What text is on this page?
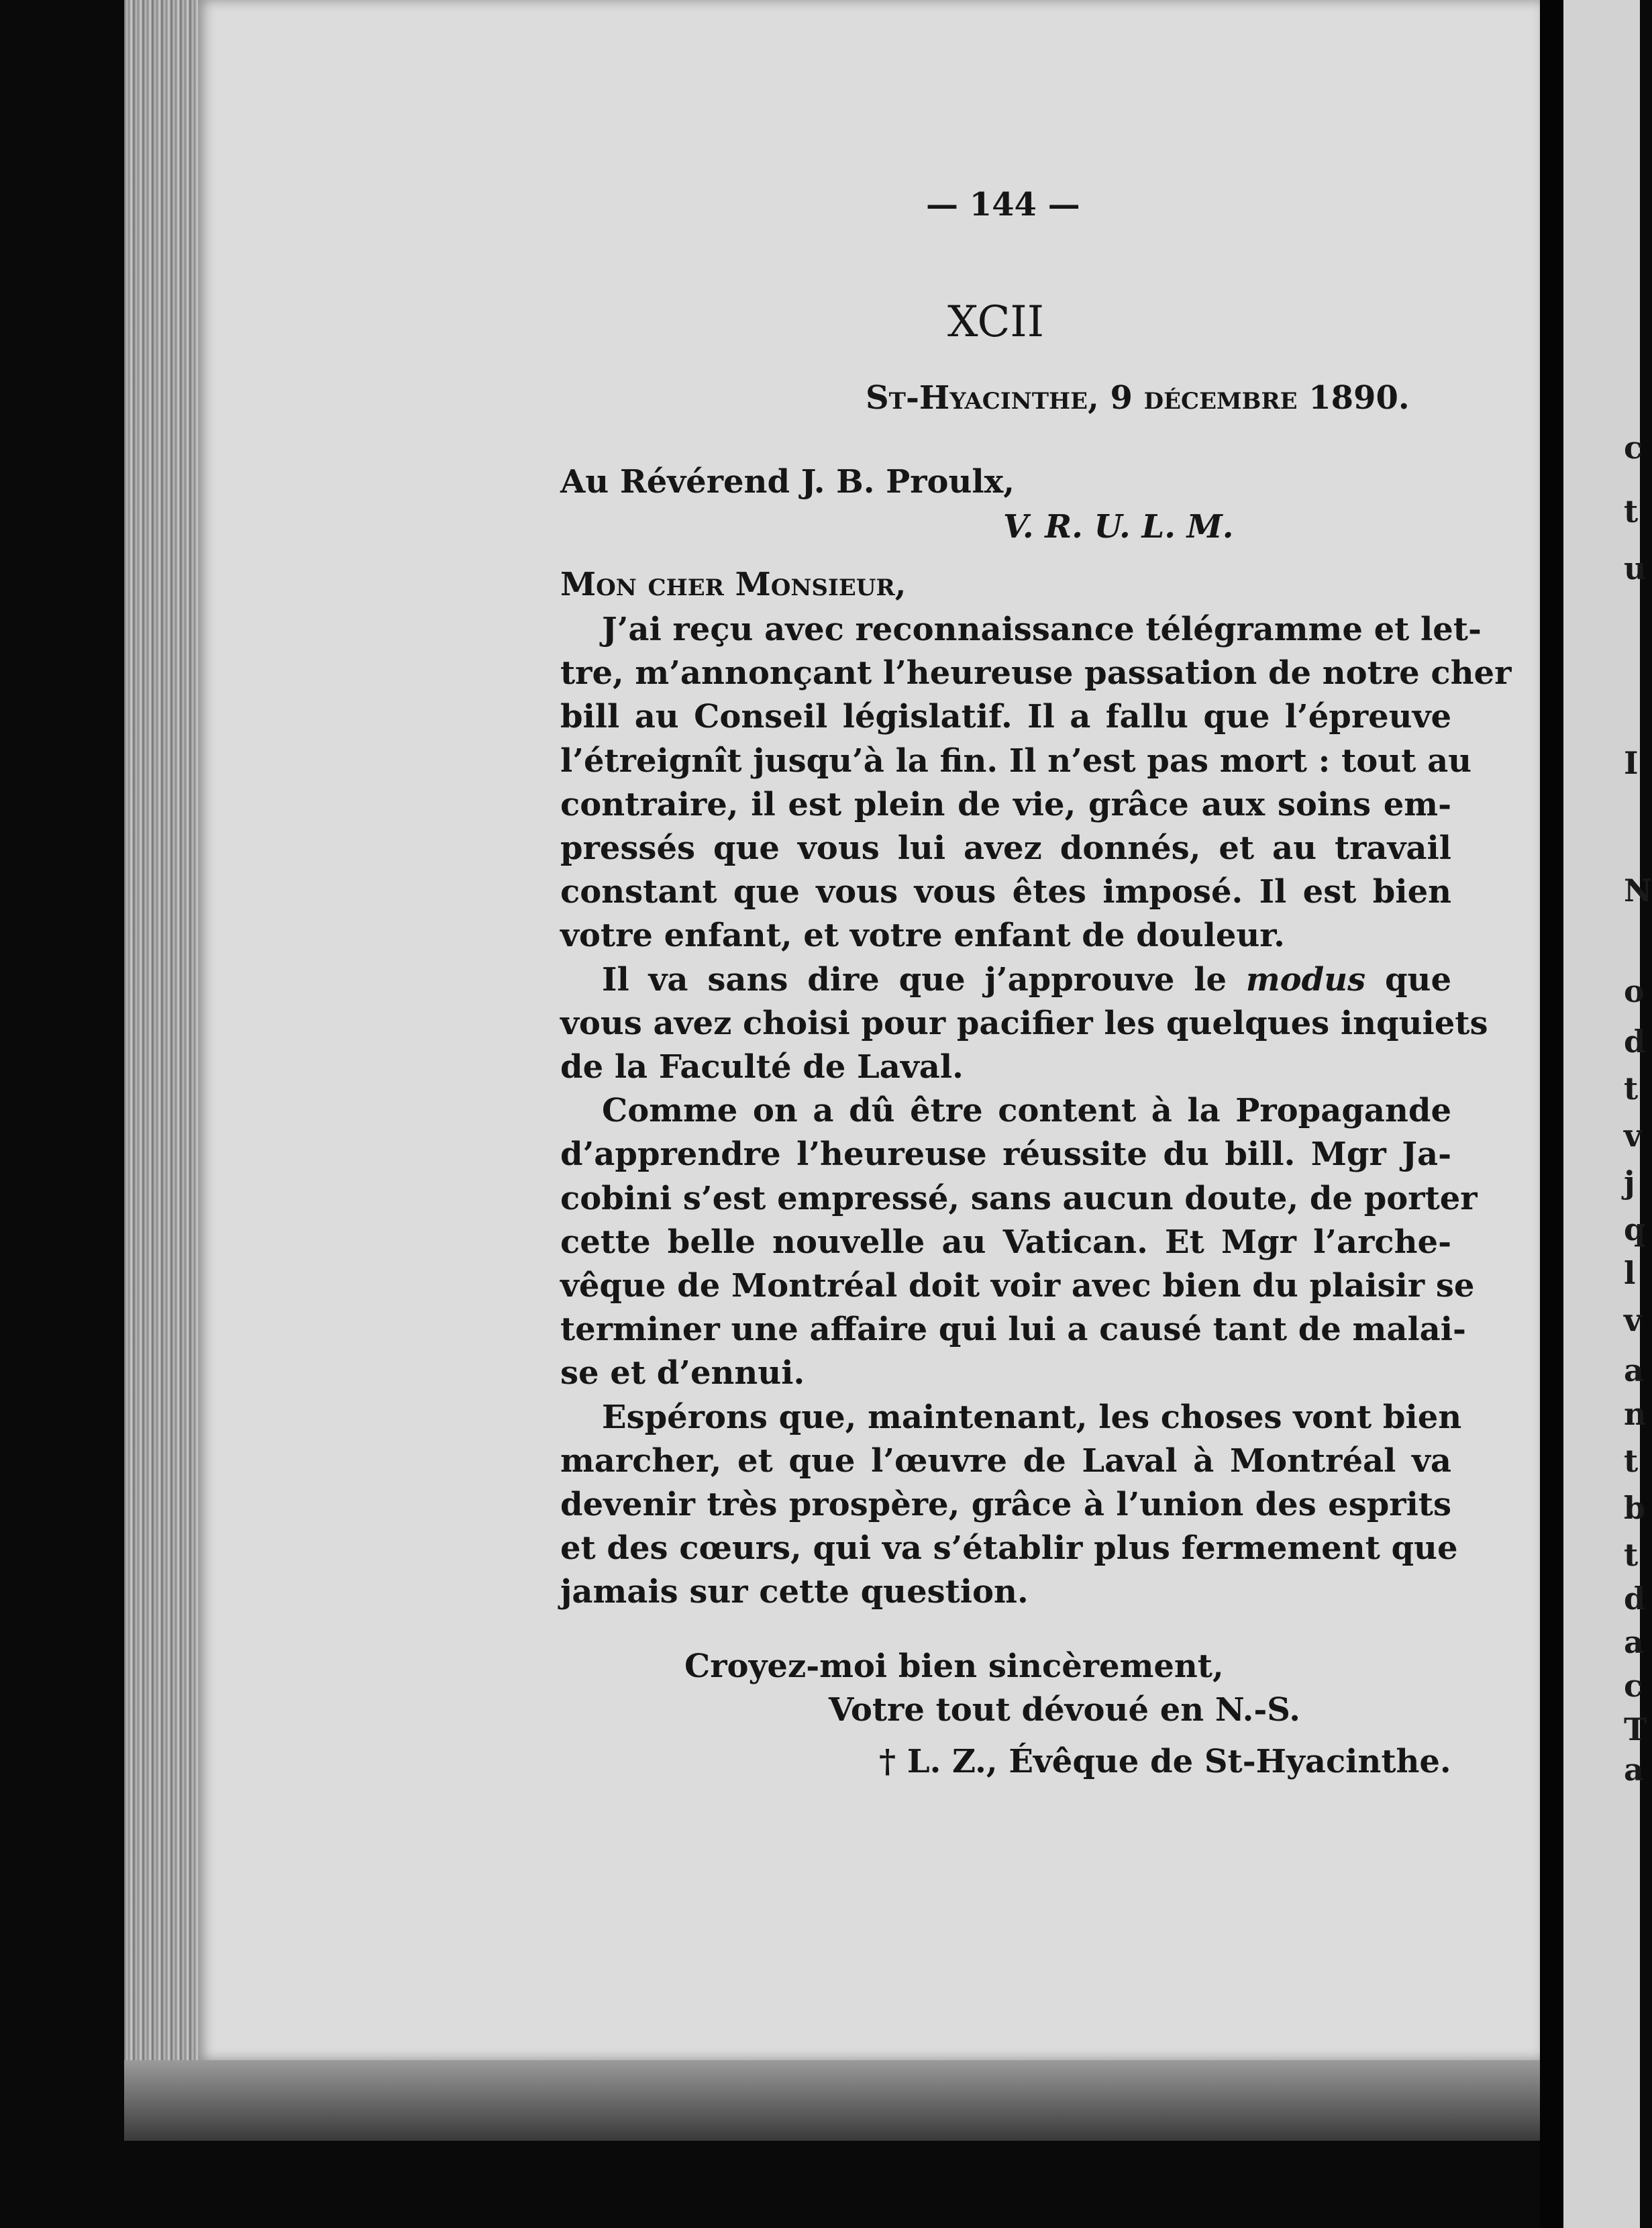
c
t
u
I
N
o
d
t
v
j
q
l
v
a
n
t
b
t
d
a
c
T
a
— 144 —
XCII
St-Hyacinthe, 9 décembre 1890.
Au Révérend J. B. Proulx,
V. R. U. L. M.
Mon cher Monsieur,
J’ai reçu avec reconnaissance télégramme et let-
tre, m’annonçant l’heureuse passation de notre cher
bill au Conseil législatif. Il a fallu que l’épreuve
l’étreignît jusqu’à la fin. Il n’est pas mort : tout au
contraire, il est plein de vie, grâce aux soins em-
pressés que vous lui avez donnés, et au travail
constant que vous vous êtes imposé. Il est bien
votre enfant, et votre enfant de douleur.
Il va sans dire que j’approuve le modus que
vous avez choisi pour pacifier les quelques inquiets
de la Faculté de Laval.
Comme on a dû être content à la Propagande
d’apprendre l’heureuse réussite du bill. Mgr Ja-
cobini s’est empressé, sans aucun doute, de porter
cette belle nouvelle au Vatican. Et Mgr l’arche-
vêque de Montréal doit voir avec bien du plaisir se
terminer une affaire qui lui a causé tant de malai-
se et d’ennui.
Espérons que, maintenant, les choses vont bien
marcher, et que l’œuvre de Laval à Montréal va
devenir très prospère, grâce à l’union des esprits
et des cœurs, qui va s’établir plus fermement que
jamais sur cette question.
Croyez-moi bien sincèrement,
Votre tout dévoué en N.-S.
† L. Z., Évêque de St-Hyacinthe.
